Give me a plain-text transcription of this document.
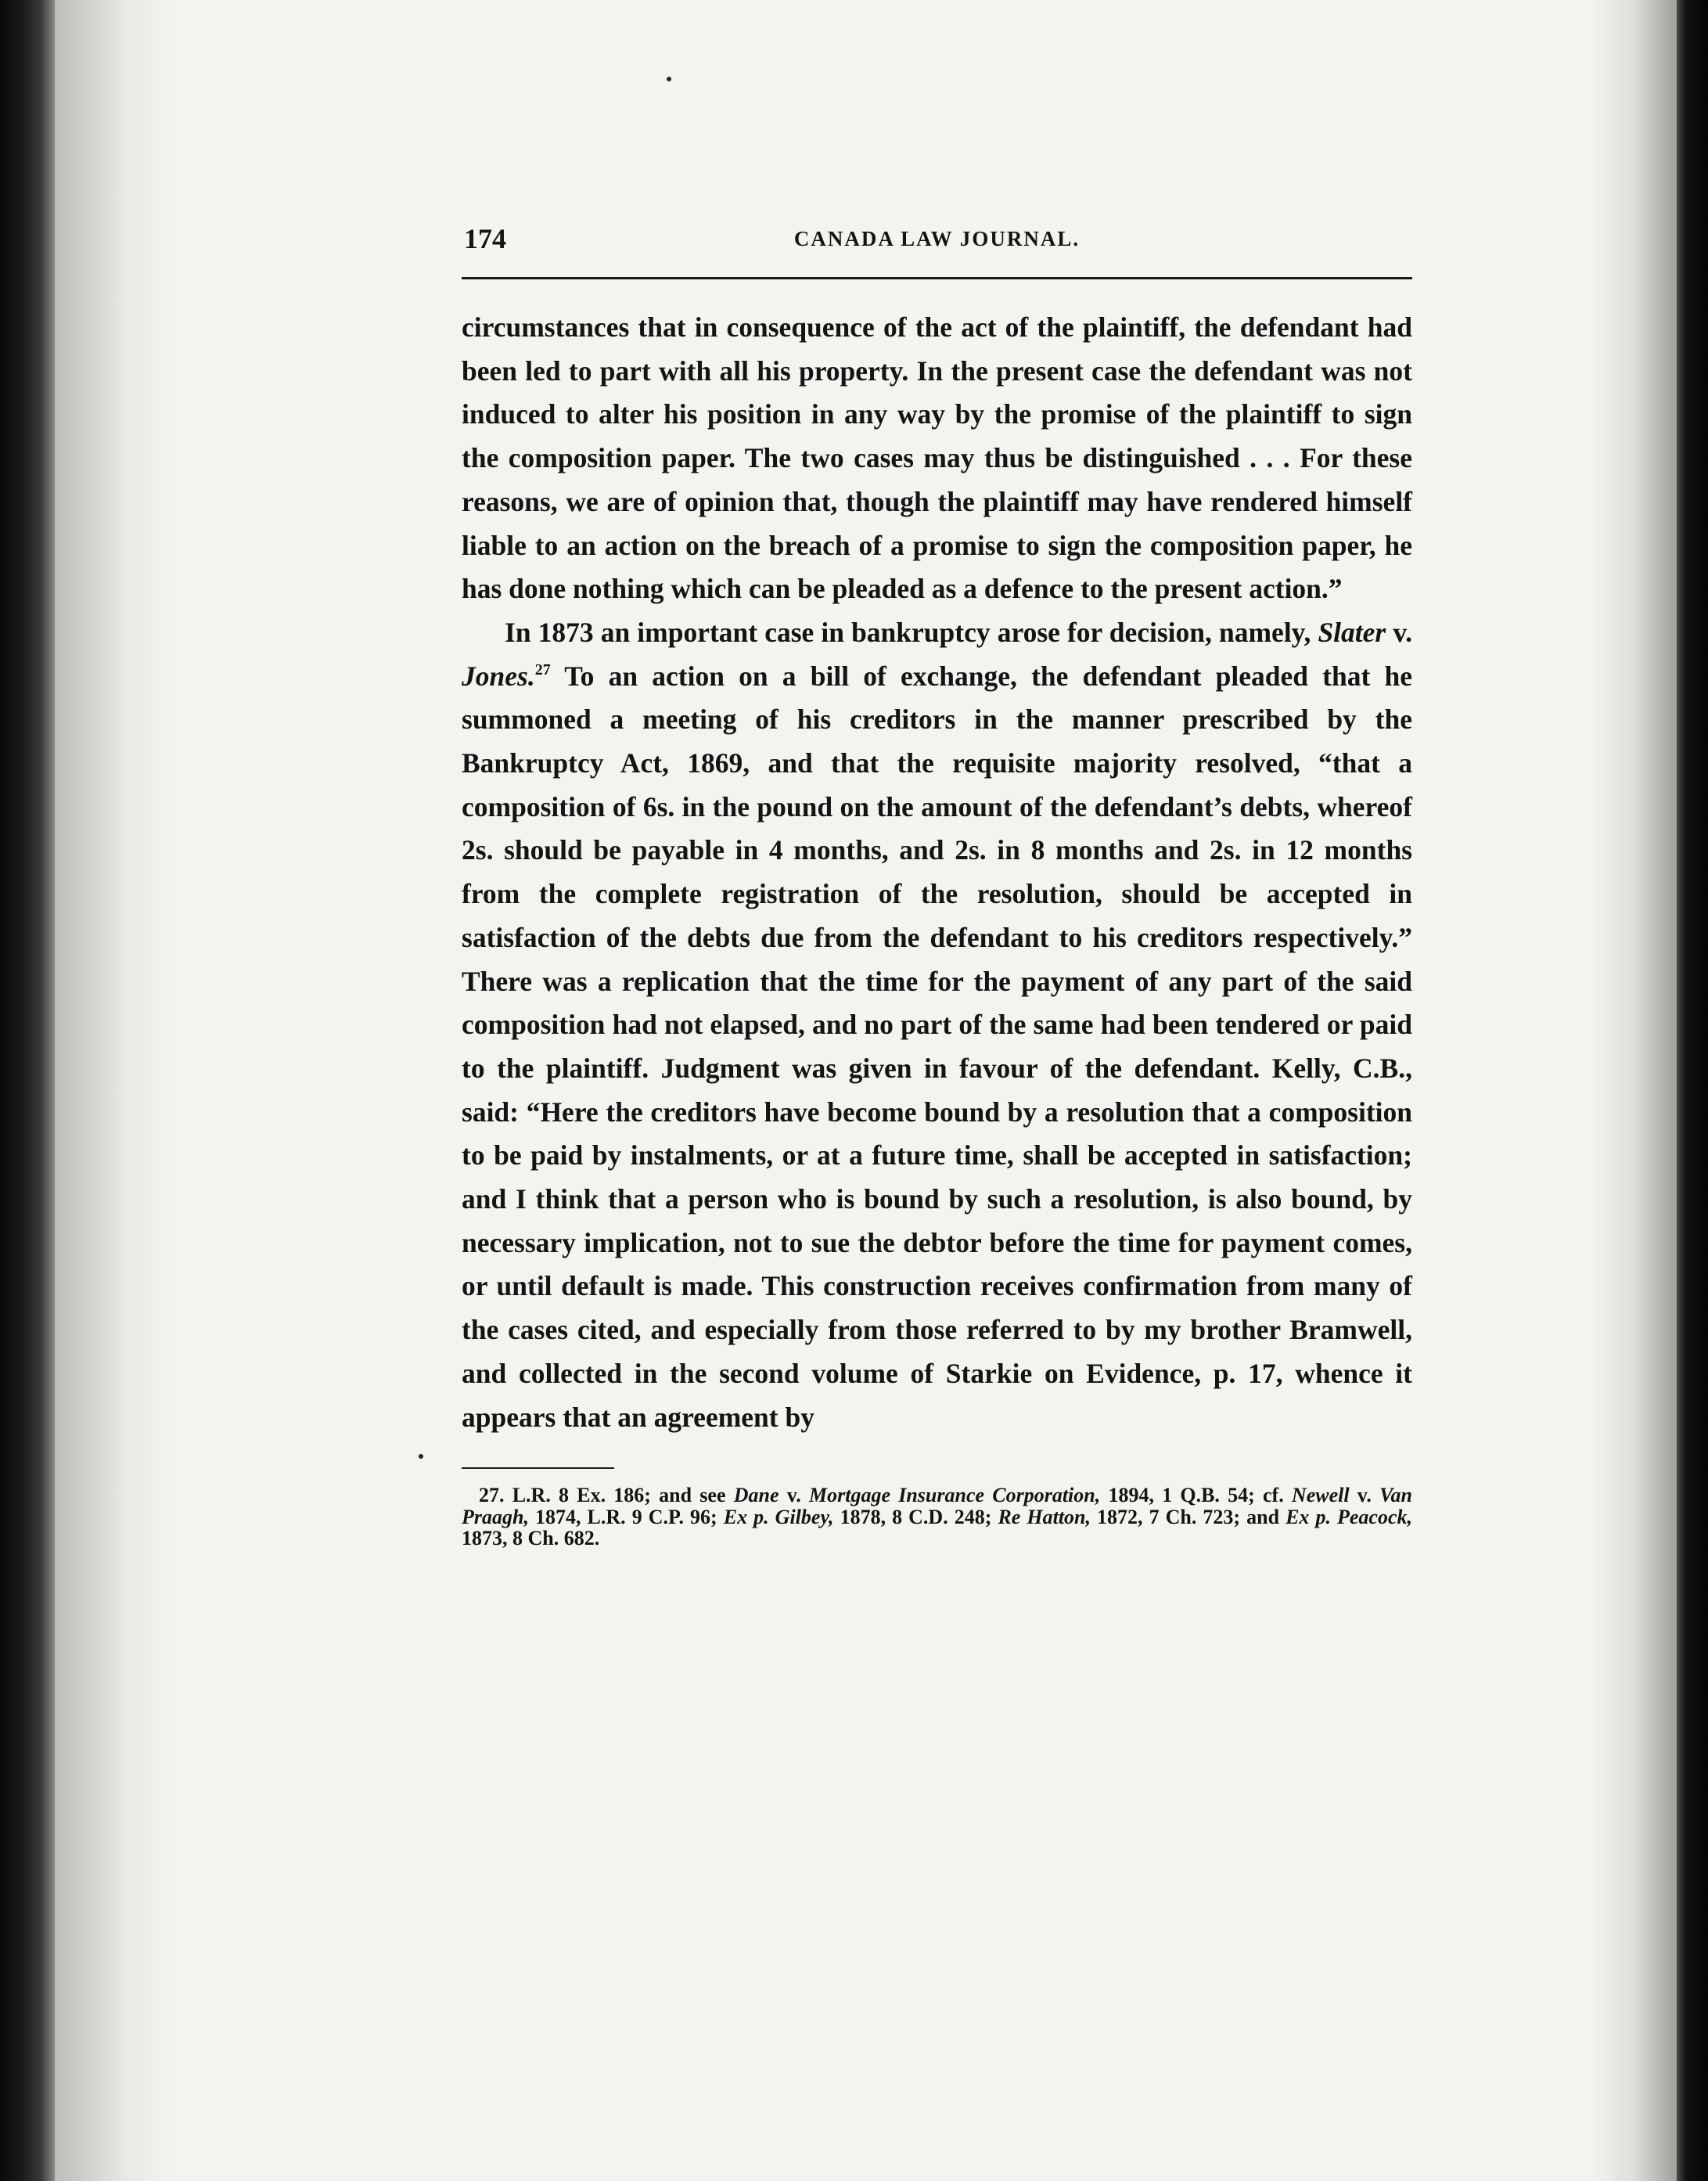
174	CANADA LAW JOURNAL.

circumstances that in consequence of the act of the plaintiff, the defendant had been led to part with all his property. In the present case the defendant was not induced to alter his position in any way by the promise of the plaintiff to sign the composition paper. The two cases may thus be distinguished . . . For these reasons, we are of opinion that, though the plaintiff may have rendered himself liable to an action on the breach of a promise to sign the composition paper, he has done nothing which can be pleaded as a defence to the present action.”

In 1873 an important case in bankruptcy arose for decision, namely, Slater v. Jones.$^{27}$ To an action on a bill of exchange, the defendant pleaded that he summoned a meeting of his creditors in the manner prescribed by the Bankruptcy Act, 1869, and that the requisite majority resolved, “that a composition of 6s. in the pound on the amount of the defendant’s debts, whereof 2s. should be payable in 4 months, and 2s. in 8 months and 2s. in 12 months from the complete registration of the resolution, should be accepted in satisfaction of the debts due from the defendant to his creditors respectively.” There was a replication that the time for the payment of any part of the said composition had not elapsed, and no part of the same had been tendered or paid to the plaintiff. Judgment was given in favour of the defendant. Kelly, C.B., said: “Here the creditors have become bound by a resolution that a composition to be paid by instalments, or at a future time, shall be accepted in satisfaction; and I think that a person who is bound by such a resolution, is also bound, by necessary implication, not to sue the debtor before the time for payment comes, or until default is made. This construction receives confirmation from many of the cases cited, and especially from those referred to by my brother Bramwell, and collected in the second volume of Starkie on Evidence, p. 17, whence it appears that an agreement by

27. L.R. 8 Ex. 186; and see Dane v. Mortgage Insurance Corporation, 1894, 1 Q.B. 54; cf. Newell v. Van Praagh, 1874, L.R. 9 C.P. 96; Ex p. Gilbey, 1878, 8 C.D. 248; Re Hatton, 1872, 7 Ch. 723; and Ex p. Peacock, 1873, 8 Ch. 682.
